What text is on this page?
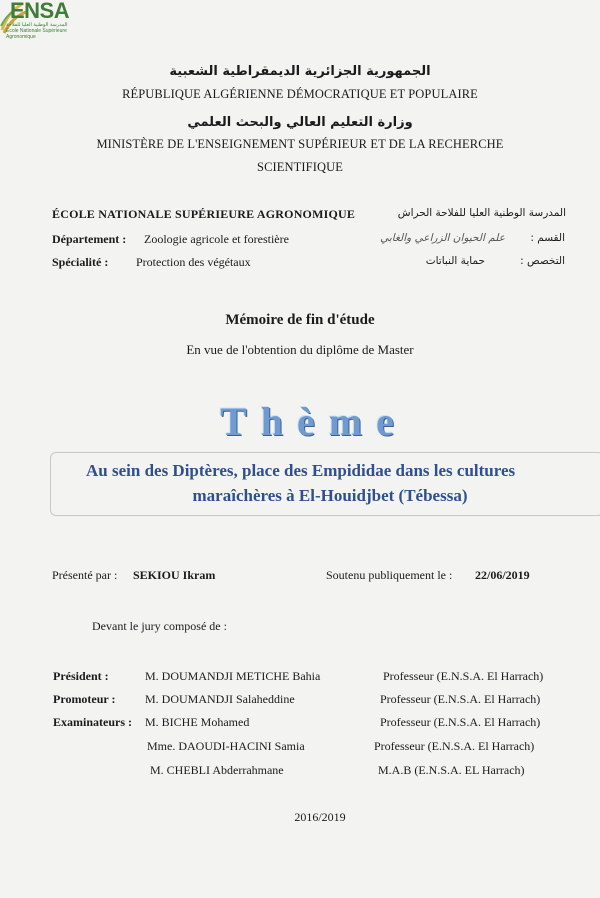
ENSA
المدرسة الوطنية العليا للفلاحة
École Nationale Supérieure Agronomique
الجمهورية الجزائرية الديمقراطية الشعبية
RÉPUBLIQUE ALGÉRIENNE DÉMOCRATIQUE ET POPULAIRE
وزارة التعليم العالي والبحث العلمي
MINISTÈRE DE L'ENSEIGNEMENT SUPÉRIEUR ET DE LA RECHERCHE
SCIENTIFIQUE
ÉCOLE NATIONALE SUPÉRIEURE AGRONOMIQUE	المدرسة الوطنية العليا للفلاحة الحراش
Département : Zoologie agricole et forestière	علم الحيوان الزراعي والغابي	القسم :
Spécialité : Protection des végétaux	حماية النباتات	التخصص :
Mémoire de fin d'étude
En vue de l'obtention du diplôme de Master
Thème
Au sein des Diptères, place des Empididae dans les cultures
maraîchères à El-Houidjbet (Tébessa)
Présenté par : SEKIOU Ikram	Soutenu publiquement le : 22/06/2019
Devant le jury composé de :
Président :	M. DOUMANDJI METICHE Bahia	Professeur (E.N.S.A. El Harrach)
Promoteur : M. DOUMANDJI Salaheddine	Professeur (E.N.S.A. El Harrach)
Examinateurs : M. BICHE Mohamed	Professeur (E.N.S.A. El Harrach)
Mme. DAOUDI-HACINI Samia	Professeur (E.N.S.A. El Harrach)
M. CHEBLI Abderrahmane	M.A.B (E.N.S.A. EL Harrach)
2016/2019
